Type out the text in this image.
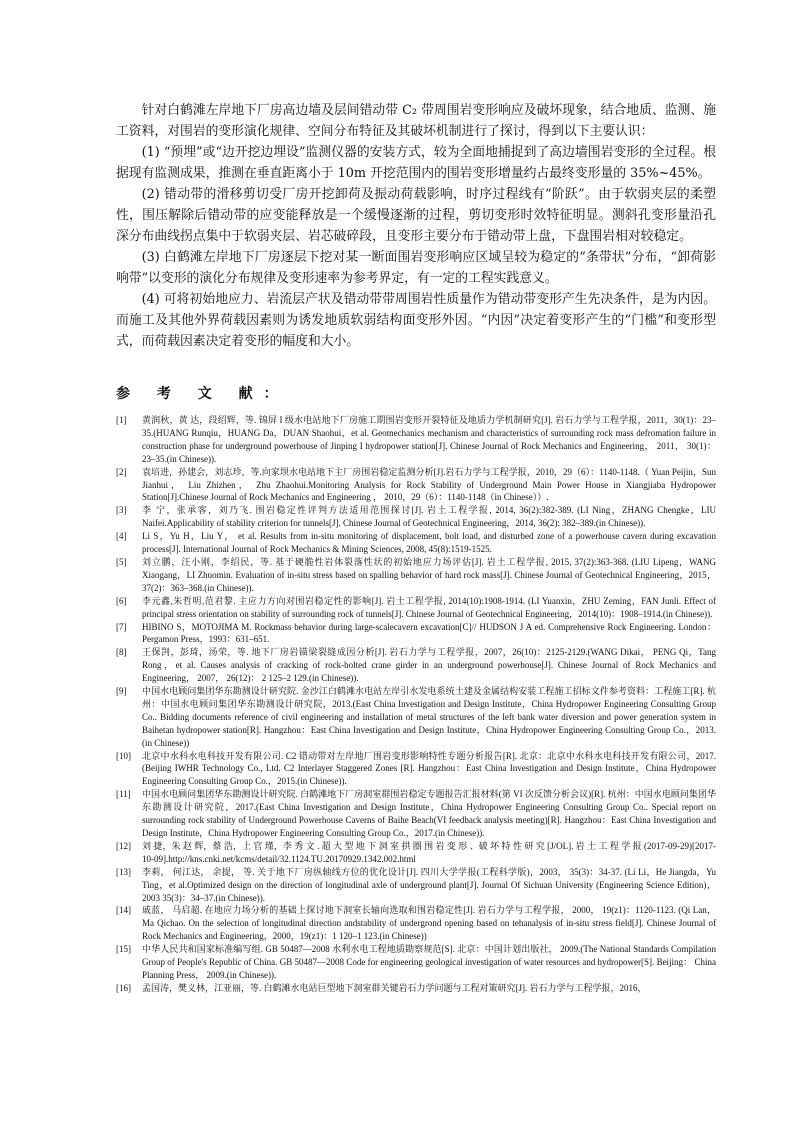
针对白鹤滩左岸地下厂房高边墙及层间错动带 C₂ 带周围岩变形响应及破坏现象，结合地质、监测、施工资料，对围岩的变形演化规律、空间分布特征及其破坏机制进行了探讨，得到以下主要认识：

(1) “预埋”或“边开挖边埋设”监测仪器的安装方式，较为全面地捕捉到了高边墙围岩变形的全过程。根据现有监测成果，推测在垂直距离小于 10m 开挖范围内的围岩变形增量约占最终变形量的 35%~45%。

(2) 错动带的滑移剪切受厂房开挖卸荷及振动荷载影响，时序过程线有“阶跃”。由于软弱夹层的柔塑性，围压解除后错动带的应变能释放是一个缓慢逐渐的过程，剪切变形时效特征明显。测斜孔变形量沿孔深分布曲线拐点集中于软弱夹层、岩芯破碎段，且变形主要分布于错动带上盘，下盘围岩相对较稳定。

(3) 白鹤滩左岸地下厂房逐层下挖对某一断面围岩变形响应区域呈较为稳定的“条带状”分布，“卸荷影响带”以变形的演化分布规律及变形速率为参考界定，有一定的工程实践意义。

(4) 可将初始地应力、岩流层产状及错动带带周围岩性质量作为错动带变形产生先决条件，是为内因。而施工及其他外界荷载因素则为诱发地质软弱结构面变形外因。“内因”决定着变形产生的“门槛”和变形型式，而荷载因素决定着变形的幅度和大小。

参 考 文 献：
[1]	黄润秋，黄 达，段绍辉，等. 锦屏 I 级水电站地下厂房施工期围岩变形开裂特征及地质力学机制研究[J]. 岩石力学与工程学报，2011，30(1)：23–35.(HUANG Runqiu，HUANG Da，DUAN Shaohui，et al. Geomechanics mechanism and characteristics of surrounding rock mass defromation failure in construction phase for underground powerhouse of Jinping I hydropower station[J]. Chinese Journal of Rock Mechanics and Engineering， 2011， 30(1)： 23–35.(in Chinese)).
[2]	袁培进，孙建会，刘志珍，等.向家坝水电站地下主厂房围岩稳定监测分析[J].岩石力学与工程学报，2010，29（6）：1140-1148.（ Yuan Peijin，Sun Jianhui， Liu Zhizhen， Zhu Zhaohui.Monitoring Analysis for Rock Stability of Underground Main Power House in Xiangjiaba Hydropower Station[J].Chinese Journal of Rock Mechanics and Engineering ， 2010，29（6）：1140-1148（in Chinese））.
[3]	李 宁，张承客，刘乃飞. 围岩稳定性评判方法适用范围探讨[J]. 岩土工程学报, 2014, 36(2):382-389. (LI Ning，ZHANG Chengke，LIU Naifei.Applicability of stability criterion for tunnels[J]. Chinese Journal of Geotechnical Engineering，2014, 36(2): 382–389.(in Chinese)).
[4]	Li S，Yu H，Liu Y， et al. Results from in-situ monitoring of displacement, bolt load, and disturbed zone of a powerhouse cavern during excavation process[J]. International Journal of Rock Mechanics & Mining Sciences, 2008, 45(8):1519-1525.
[5]	刘立鹏，汪小刚，李绍民，等. 基于硬脆性岩体裂落性状的初始地应力场评估[J]. 岩土工程学报, 2015, 37(2):363-368. (LIU Lipeng，WANG Xiaogang，LI Zhuomin. Evaluation of in-situ stress based on spalling behavior of hard rock mass[J]. Chinese Journal of Geotechnical Engineering，2015，37(2)：363–368.(in Chinese)).
[6]	李元鑫,朱哲明,范君黎. 主应力方向对围岩稳定性的影响[J]. 岩土工程学报, 2014(10):1908-1914. (LI Yuanxin，ZHU Zeming，FAN Junli. Effect of principal stress orientation on stability of surrounding rock of tunnels[J]. Chinese Journal of Geotechnical Engineering，2014(10)：1908–1914.(in Chinese)).
[7]	HIBINO S，MOTOJIMA M. Rockmass behavior during large-scalecavern excavation[C]// HUDSON J A ed. Comprehensive Rock Engineering. London：Pergamon Press，1993：631–651.
[8]	王保剀，彭琦，汤荣，等. 地下厂房岩锚梁裂缝成因分析[J]. 岩石力学与工程学报，2007，26(10)：2125-2129.(WANG Dikai， PENG Qi，Tang Rong，et al. Causes analysis of cracking of rock-bolted crane girder in an underground powerhouse[J]. Chinese Journal of Rock Mechanics and Engineering， 2007， 26(12)： 2 125–2 129.(in Chinese)).
[9]	中国水电顾问集团华东勘测设计研究院. 金沙江白鹤滩水电站左岸引水发电系统土建及金属结构安装工程施工招标文件参考资料：工程施工[R]. 杭州：中国水电顾问集团华东勘测设计研究院，2013.(East China Investigation and Design Institute，China Hydropower Engineering Consulting Group Co.. Bidding documents reference of civil engineering and installation of metal structures of the left bank water diversion and power generation system in Baihetan hydropower station[R]. Hangzhou：East China Investigation and Design Institute，China Hydropower Engineering Consulting Group Co.，2013.(in Chinese))
[10]	北京中水科水电科技开发有限公司. C2 错动带对左岸地厂围岩变形影响特性专题分析报告[R]. 北京：北京中水科水电科技开发有限公司，2017.(Beijing IWHR Technology Co., Ltd. C2 Interlayer Staggered Zones [R]. Hangzhou：East China Investigation and Design Institute，China Hydropower Engineering Consulting Group Co.，2015.(in Chinese)).
[11]	中国水电顾问集团华东勘测设计研究院. 白鹤滩地下厂房洞室群围岩稳定专题报告汇报材料(第 VI 次反馈分析会议)[R]. 杭州：中国水电顾问集团华东勘测设计研究院，2017.(East China Investigation and Design Institute，China Hydropower Engineering Consulting Group Co.. Special report on surrounding rock stability of Underground Powerhouse Caverns of Baihe Beach(VI feedback analysis meeting)[R]. Hangzhou：East China Investigation and Design Institute，China Hydropower Engineering Consulting Group Co.，2017.(in Chinese)).
[12]	刘 捷，朱 赵 辉，蔡 浩，上 官 瑾，李 秀 文 . 超 大 型 地 下 洞 室 拱 圈 围 岩 变 形 、破 坏 特 性 研 究 [J/OL]. 岩 土 工 程 学 报 (2017-09-29)[2017-10-09].http://kns.cnki.net/kcms/detail/32.1124.TU.20170929.1342.002.html
[13]	李莉， 何江达， 余提， 等. 关于地下厂房纵轴线方位的优化设计[J]. 四川大学学报(工程科学版)，2003， 35(3)：34-37. (Li Li，He Jiangda，Yu Ting，et al.Optimized design on the direction of longitudinal axle of underground plant[J]. Journal Of Sichuan University (Engineering Science Edition)， 2003 35(3)：34–37.(in Chinese)).
[14]	戚蓝， 马启超. 在地应力场分析的基础上探讨地下洞室长轴向选取和围岩稳定性[J]. 岩石力学与工程学报， 2000， 19(z1)：1120-1123. (Qi Lan， Ma Qichao. On the selection of longitudinal direction andstability of undergrond opening based on tehanalysis of in-situ stress field[J]. Chinese Journal of Rock Mechanics and Engineering，2000，19(z1)：1 120–1 123.(in Chinese))
[15]	中华人民共和国家标准编写组. GB 50487—2008 水利水电工程地质勘察规范[S]. 北京：中国计划出版社， 2009.(The National Standards Compilation Group of People's Republic of China. GB 50487—2008 Code for engineering geological investigation of water resources and hydropower[S]. Beijing： China Planning Press， 2009.(in Chinese)).
[16]	孟国涛，樊义林，江亚丽，等. 白鹤滩水电站巨型地下洞室群关键岩石力学问题与工程对策研究[J]. 岩石力学与工程学报，2016，
